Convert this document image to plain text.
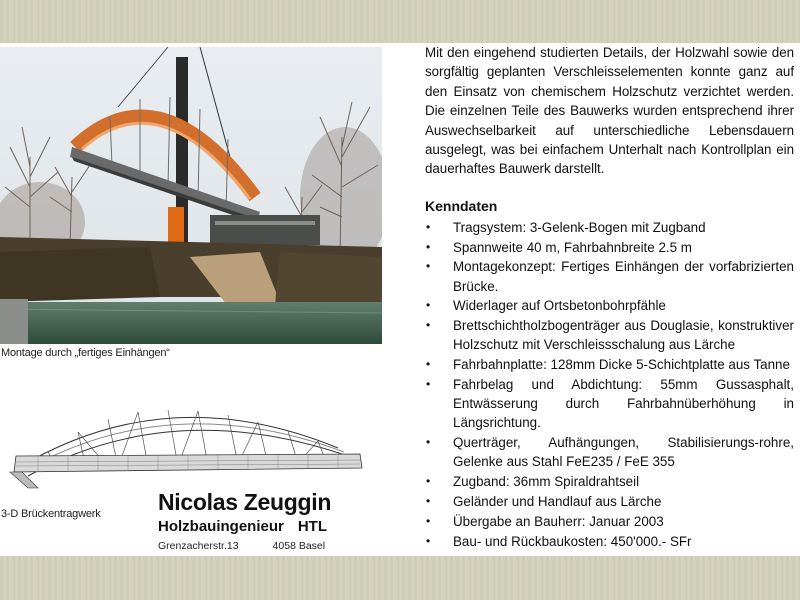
Montage durch „fertiges Einhängen“
3-D Brückentragwerk Nicolas Zeuggin
Holzbauingenieur HTL
Grenzacherstr.13	4058 Basel

Mit den eingehend studierten Details, der Holzwahl sowie den sorgfältig geplanten Verschleisselementen konnte ganz auf den Einsatz von chemischem Holzschutz verzichtet werden. Die einzelnen Teile des Bauwerks wurden entsprechend ihrer Auswechselbarkeit auf unterschiedliche Lebensdauern ausgelegt, was bei einfachem Unterhalt nach Kontrollplan ein dauerhaftes Bauwerk darstellt.

Kenndaten
• Tragsystem: 3-Gelenk-Bogen mit Zugband
• Spannweite 40 m, Fahrbahnbreite 2.5 m
• Montagekonzept: Fertiges Einhängen der vorfabrizierten Brücke.
• Widerlager auf Ortsbetonbohrpfähle
• Brettschichtholzbogenträger aus Douglasie, konstruktiver Holzschutz mit Verschleissschalung aus Lärche
• Fahrbahnplatte: 128mm Dicke 5-Schichtplatte aus Tanne
• Fahrbelag und Abdichtung: 55mm Gussasphalt, Entwässerung durch Fahrbahnüberhöhung in Längsrichtung.
• Querträger, Aufhängungen, Stabilisierungs-rohre, Gelenke aus Stahl FeE235 / FeE 355
• Zugband: 36mm Spiraldrahtseil
• Geländer und Handlauf aus Lärche
• Übergabe an Bauherr: Januar 2003
• Bau- und Rückbaukosten: 450'000.- SFr
